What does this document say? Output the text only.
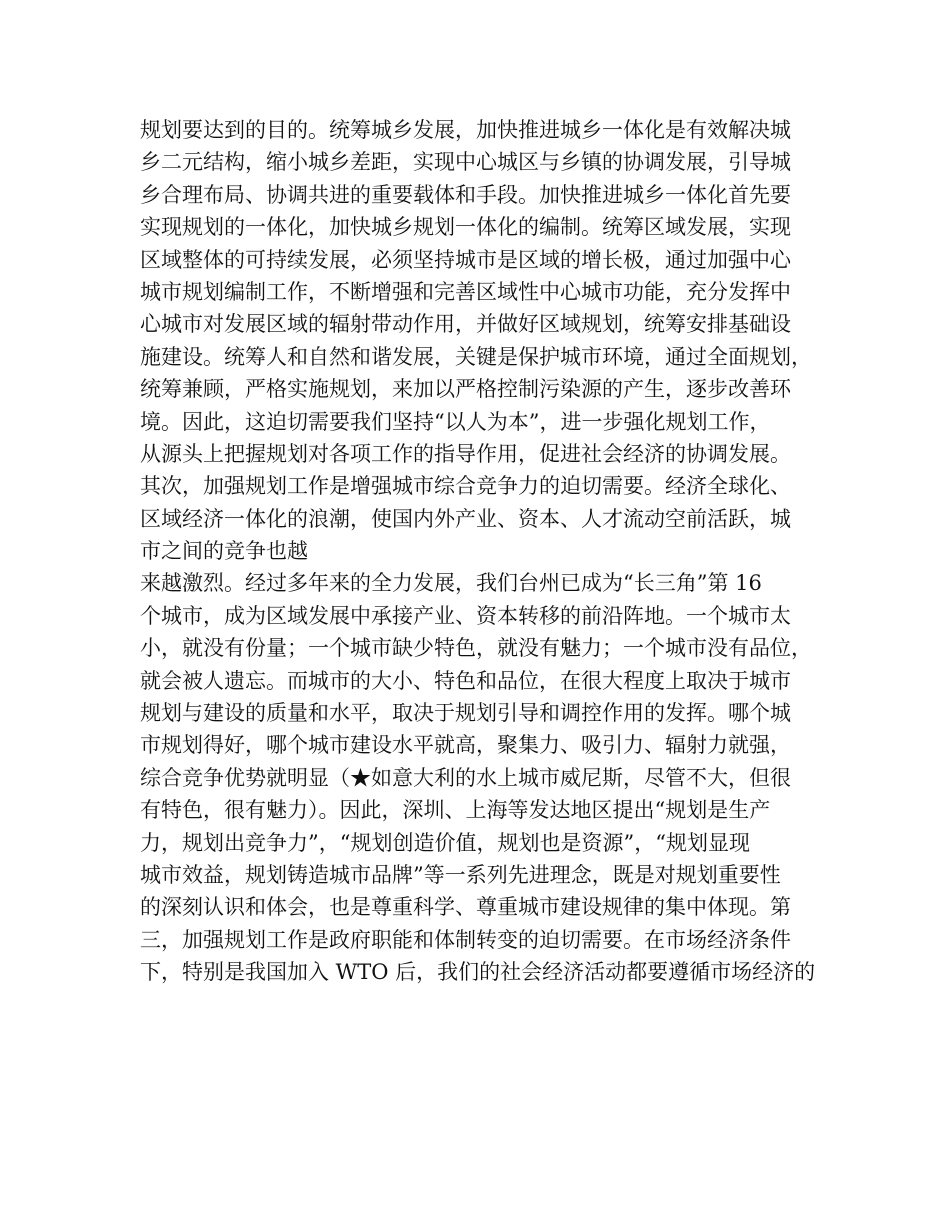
规划要达到的目的。统筹城乡发展，加快推进城乡一体化是有效解决城
乡二元结构，缩小城乡差距，实现中心城区与乡镇的协调发展，引导城
乡合理布局、协调共进的重要载体和手段。加快推进城乡一体化首先要
实现规划的一体化，加快城乡规划一体化的编制。统筹区域发展，实现
区域整体的可持续发展，必须坚持城市是区域的增长极，通过加强中心
城市规划编制工作，不断增强和完善区域性中心城市功能，充分发挥中
心城市对发展区域的辐射带动作用，并做好区域规划，统筹安排基础设
施建设。统筹人和自然和谐发展，关键是保护城市环境，通过全面规划，
统筹兼顾，严格实施规划，来加以严格控制污染源的产生，逐步改善环
境。因此，这迫切需要我们坚持“以人为本”，进一步强化规划工作，
从源头上把握规划对各项工作的指导作用，促进社会经济的协调发展。
其次，加强规划工作是增强城市综合竞争力的迫切需要。经济全球化、
区域经济一体化的浪潮，使国内外产业、资本、人才流动空前活跃，城
市之间的竞争也越
来越激烈。经过多年来的全力发展，我们台州已成为“长三角”第 16
个城市，成为区域发展中承接产业、资本转移的前沿阵地。一个城市太
小，就没有份量；一个城市缺少特色，就没有魅力；一个城市没有品位，
就会被人遗忘。而城市的大小、特色和品位，在很大程度上取决于城市
规划与建设的质量和水平，取决于规划引导和调控作用的发挥。哪个城
市规划得好，哪个城市建设水平就高，聚集力、吸引力、辐射力就强，
综合竞争优势就明显（★如意大利的水上城市威尼斯，尽管不大，但很
有特色，很有魅力）。因此，深圳、上海等发达地区提出“规划是生产
力，规划出竞争力”，“规划创造价值，规划也是资源”，“规划显现
城市效益，规划铸造城市品牌”等一系列先进理念，既是对规划重要性
的深刻认识和体会，也是尊重科学、尊重城市建设规律的集中体现。第
三，加强规划工作是政府职能和体制转变的迫切需要。在市场经济条件
下，特别是我国加入 WTO 后，我们的社会经济活动都要遵循市场经济的
